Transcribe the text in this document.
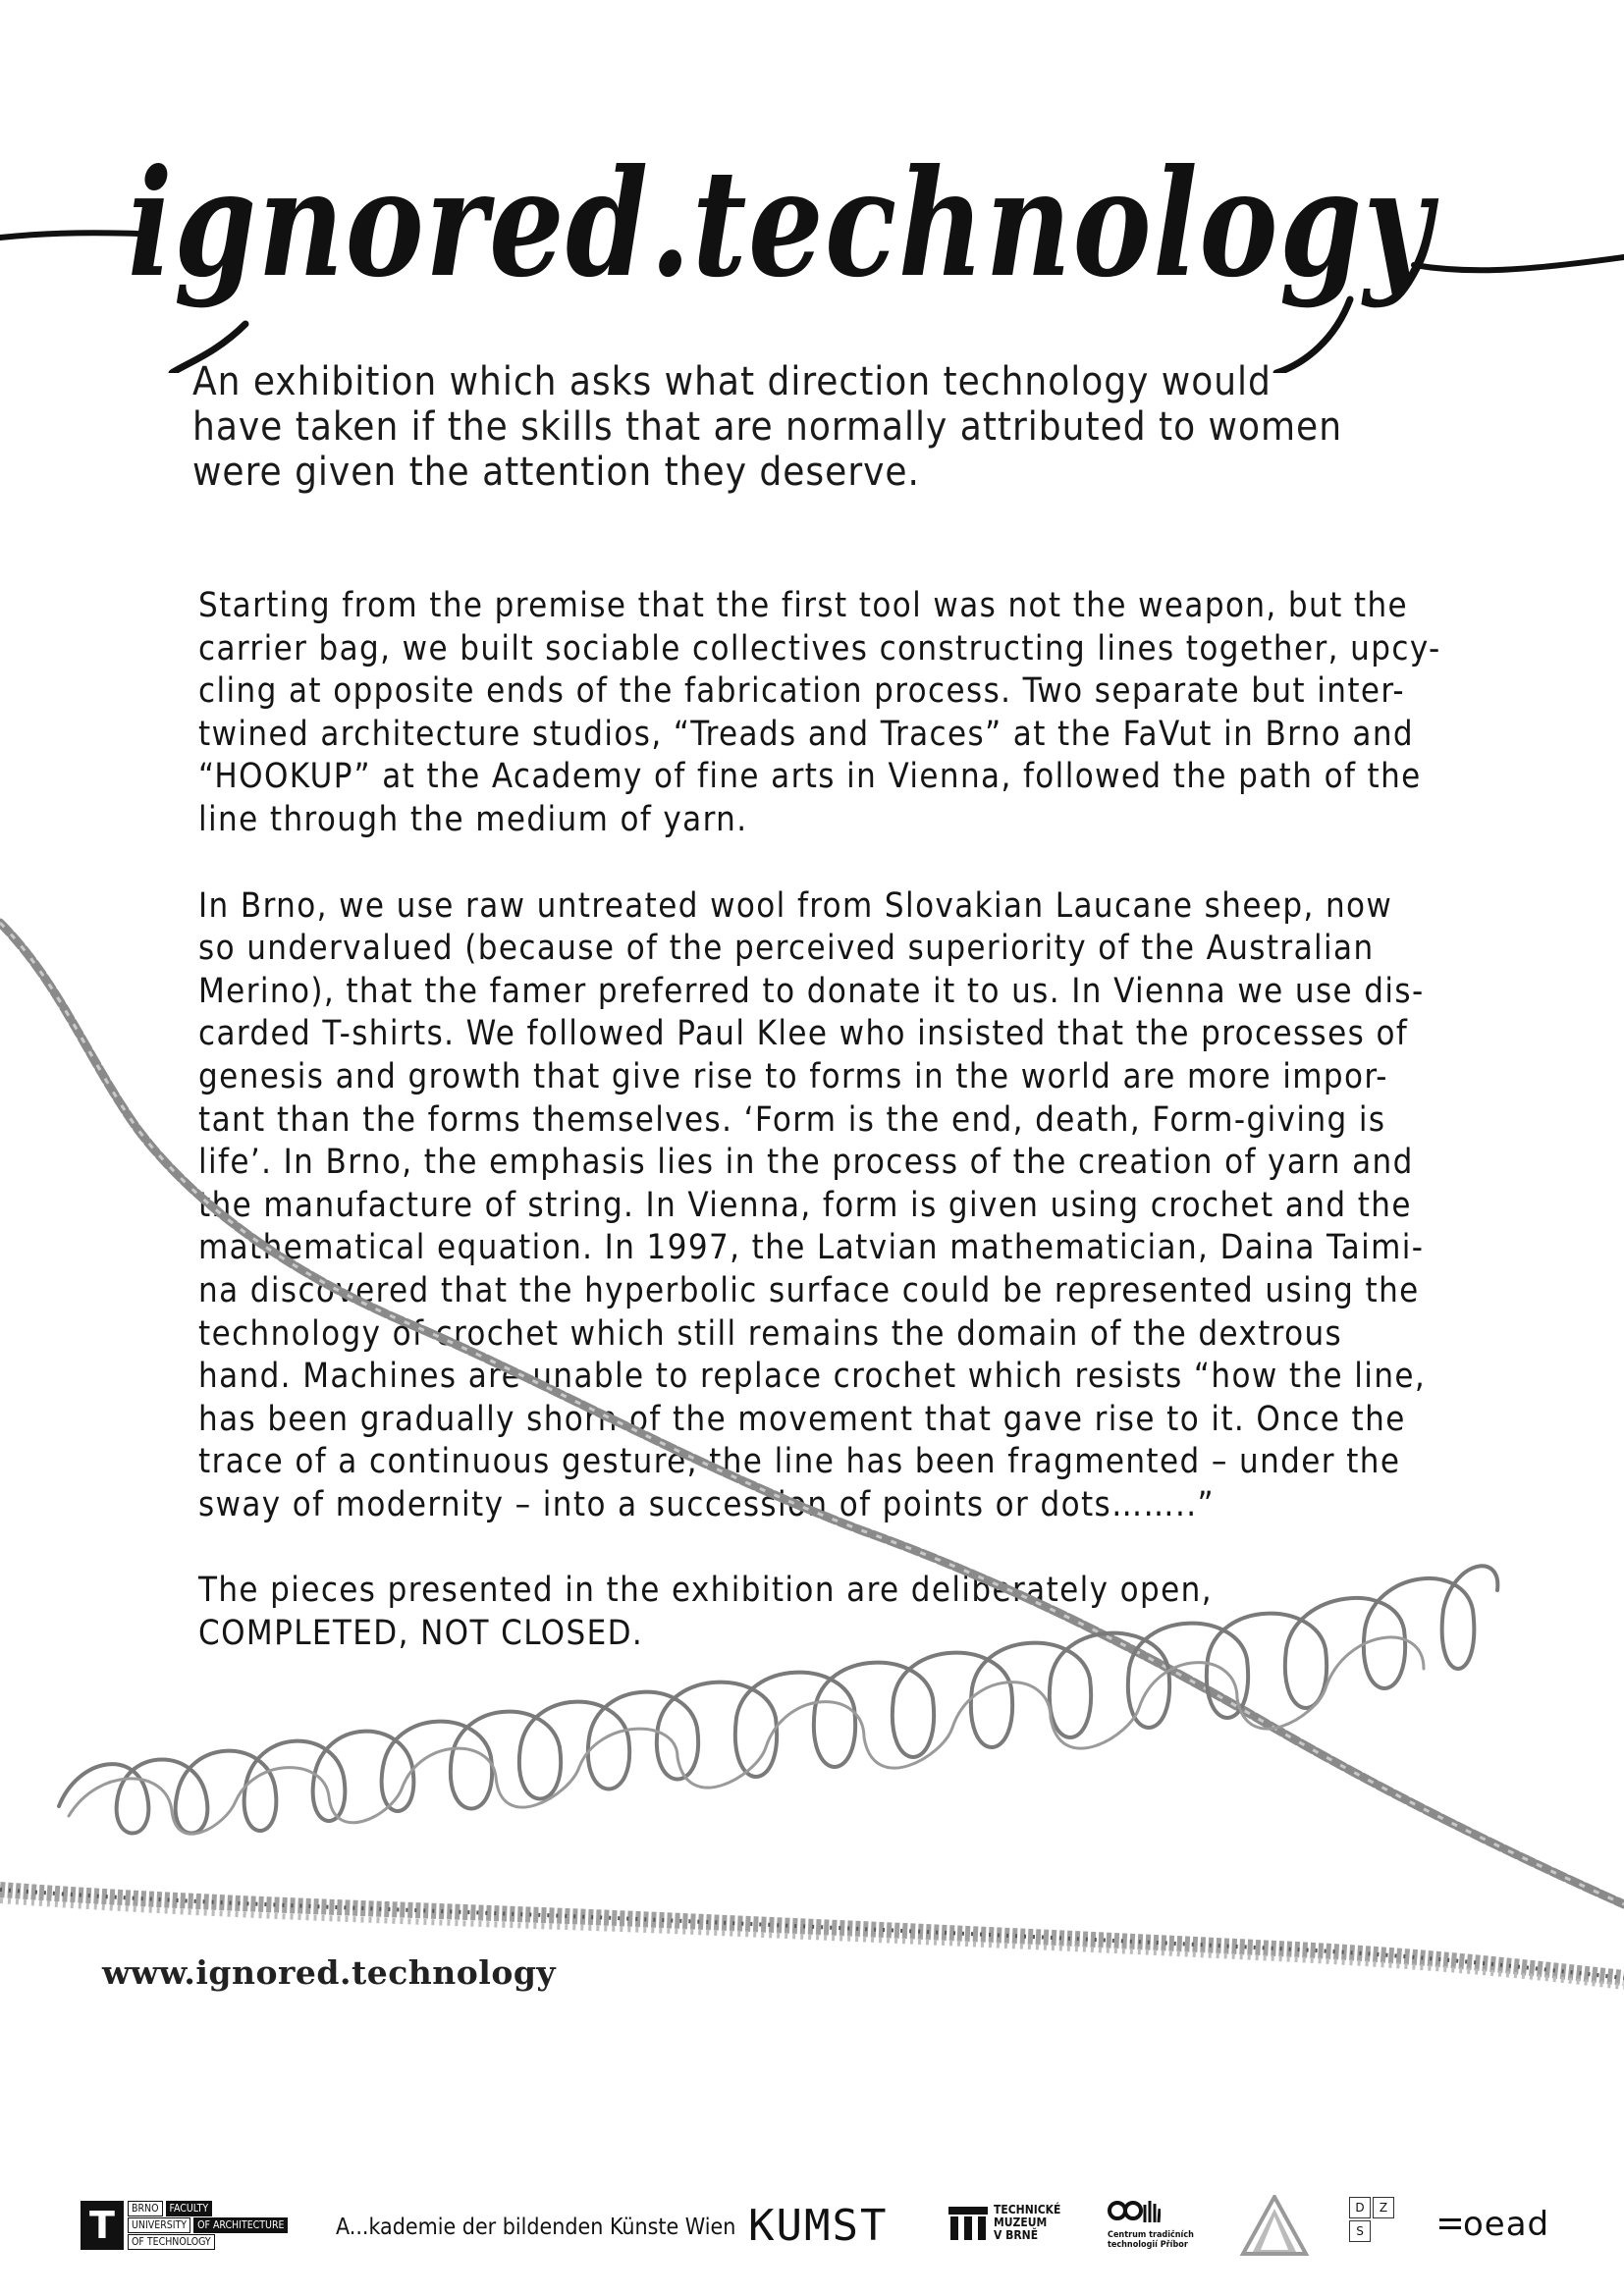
ignored.technology
An exhibition which asks what direction technology would
have taken if the skills that are normally attributed to women
were given the attention they deserve.

Starting from the premise that the first tool was not the weapon, but the
carrier bag, we built sociable collectives constructing lines together, upcy-
cling at opposite ends of the fabrication process. Two separate but inter-
twined architecture studios, “Treads and Traces” at the FaVut in Brno and
“HOOKUP” at the Academy of fine arts in Vienna, followed the path of the
line through the medium of yarn.

In Brno, we use raw untreated wool from Slovakian Laucane sheep, now
so undervalued (because of the perceived superiority of the Australian
Merino), that the famer preferred to donate it to us. In Vienna we use dis-
carded T-shirts. We followed Paul Klee who insisted that the processes of
genesis and growth that give rise to forms in the world are more impor-
tant than the forms themselves. ‘Form is the end, death, Form-giving is
life’. In Brno, the emphasis lies in the process of the creation of yarn and
the manufacture of string. In Vienna, form is given using crochet and the
mathematical equation. In 1997, the Latvian mathematician, Daina Taimi-
na discovered that the hyperbolic surface could be represented using the
technology of crochet which still remains the domain of the dextrous
hand. Machines are unable to replace crochet which resists “how the line,
has been gradually shorn of the movement that gave rise to it. Once the
trace of a continuous gesture, the line has been fragmented – under the
sway of modernity – into a succession of points or dots……..”

The pieces presented in the exhibition are deliberately open,
COMPLETED, NOT CLOSED.

www.ignored.technology
T	BRNO	FACULTY
UNIVERSITY	OF ARCHITECTURE
OF TECHNOLOGY
A...kademie der bildenden Künste Wien KUMST	TECHNICKÉ
MUZEUM
V BRNĚ	Centrum tradičních
technologií Příbor
D	Z
S	oead
